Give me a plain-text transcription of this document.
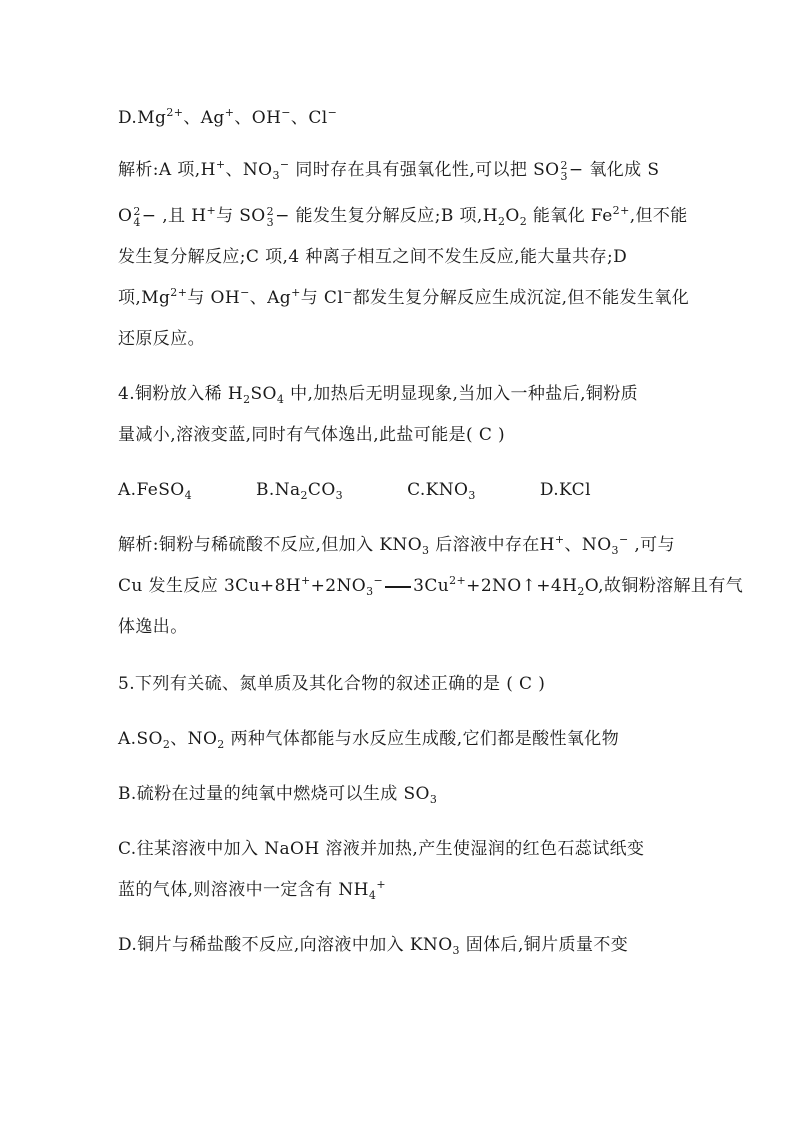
$D.Mg^{2+}$、Ag+、OH−、Cl−
解析:A 项,H+、$NO_3^-$ 同时存在具有强氧化性,可以把 SO 2
3 − 氧化成 S
O 2
4 − ,且 H+与 SO 2
3 − 能发生复分解反应;B 项$,H_2O_2$ 能氧化 $Fe^{2+}$,但不能
发生复分解反应;C 项,4 种离子相互之间不发生反应,能大量共存;D
项$,Mg^{2+}$与 OH−、Ag+与 Cl−都发生复分解反应生成沉淀,但不能发生氧化
还原反应。
4.铜粉放入稀 $H_2SO_4$ 中,加热后无明显现象,当加入一种盐后,铜粉质
量减小,溶液变蓝,同时有气体逸出,此盐可能是( C )
A.FeSO$_4$	$B.Na_2CO_3$	$C.KNO_3$	D.KCl
解析:铜粉与稀硫酸不反应,但加入 $KNO_3$ 后溶液中存在H+、$NO_3^-$ ,可与
Cu 发生反应 $3Cu+8H^++2NO_3^-$ $3Cu^{2+}+2NO↑+4H_2O$,故铜粉溶解且有气
体逸出。
5.下列有关硫、氮单质及其化合物的叙述正确的是 ( C )
$A.SO_2$、$NO_2$ 两种气体都能与水反应生成酸,它们都是酸性氧化物
B.硫粉在过量的纯氧中燃烧可以生成 $SO_3$
C.往某溶液中加入 NaOH 溶液并加热,产生使湿润的红色石蕊试纸变
蓝的气体,则溶液中一定含有 $NH_4^+$
D.铜片与稀盐酸不反应,向溶液中加入 $KNO_3$ 固体后,铜片质量不变
